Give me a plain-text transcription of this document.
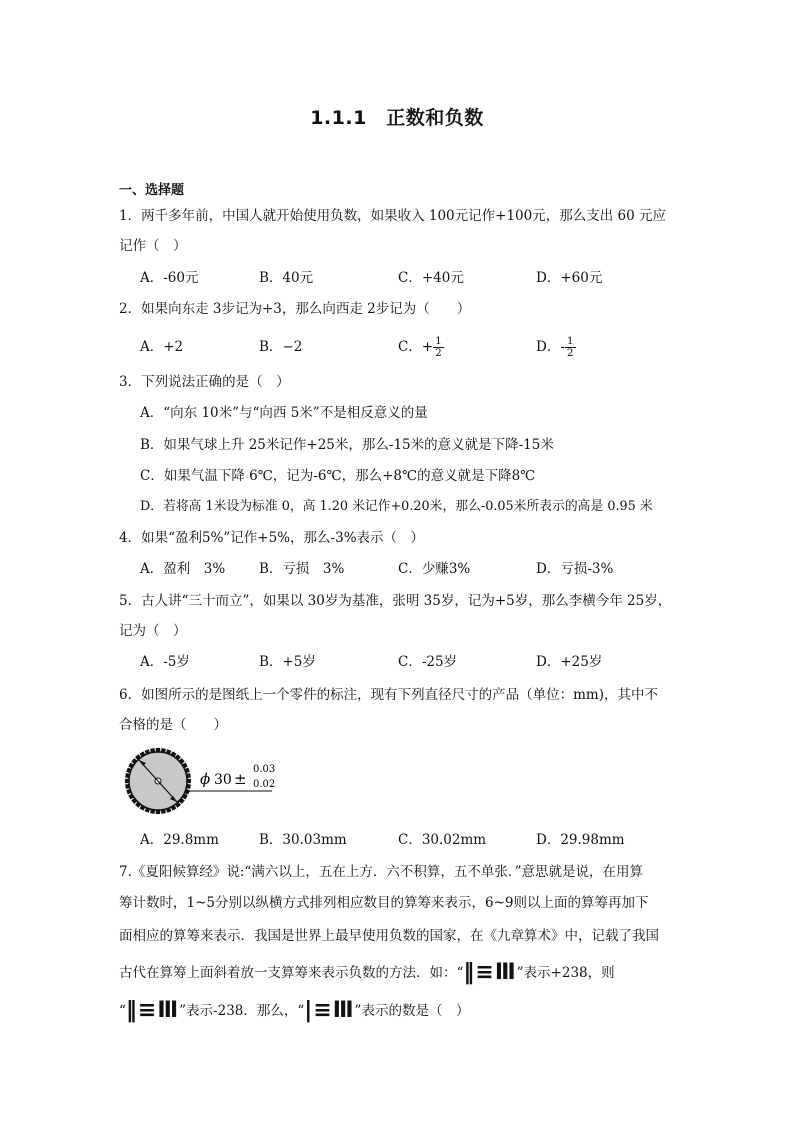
1.1.1　正数和负数
一、选择题
1．两千多年前，中国人就开始使用负数，如果收入 100元记作+100元，那么支出 60 元应
记作（　）
A．-60元	B．40元	C．+40元	D．+60元
2．如果向东走 3步记为+3，那么向西走 2步记为（　　）
A．+2	B．−2	C．+ $\frac{1}{2}$	D．- $\frac{1}{2}$
3．下列说法正确的是（　）
A．“向东 10米”与“向西 5米”不是相反意义的量
B．如果气球上升 25米记作+25米，那么-15米的意义就是下降-15米
C．如果气温下降 6℃，记为-6℃，那么+8℃的意义就是下降8℃
D．若将高 1米设为标准 0，高 1.20 米记作+0.20米，那么-0.05米所表示的高是 0.95 米
4．如果“盈利5%”记作+5%，那么-3%表示（　）
A．盈利　3%	B．亏损　3%	C．少赚3%	D．亏损-3%
5．古人讲“三十而立”，如果以 30岁为基准，张明 35岁，记为+5岁，那么李横今年 25岁，
记为（　）
A．-5岁	B．+5岁	C．-25岁	D．+25岁
6．如图所示的是图纸上一个零件的标注，现有下列直径尺寸的产品（单位：mm)，其中不
合格的是（　　）
ϕ 30 ±
0.03
0.02
A．29.8mm	B．30.03mm	C．30.02mm	D．29.98mm
7.《夏阳候算经》说:“满六以上，五在上方．六不积算，五不单张．”意思就是说，在用算
筹计数时，1~5分别以纵横方式排列相应数目的算筹来表示，6~9则以上面的算筹再加下
面相应的算筹来表示．我国是世界上最早使用负数的国家，在《九章算术》中，记载了我国
古代在算筹上面斜着放一支算筹来表示负数的方法．如：“‖≡Ⅲ”表示+238，则
“‖≡Ⅲ”表示-238．那么，“|≡Ⅲ”表示的数是（　）
